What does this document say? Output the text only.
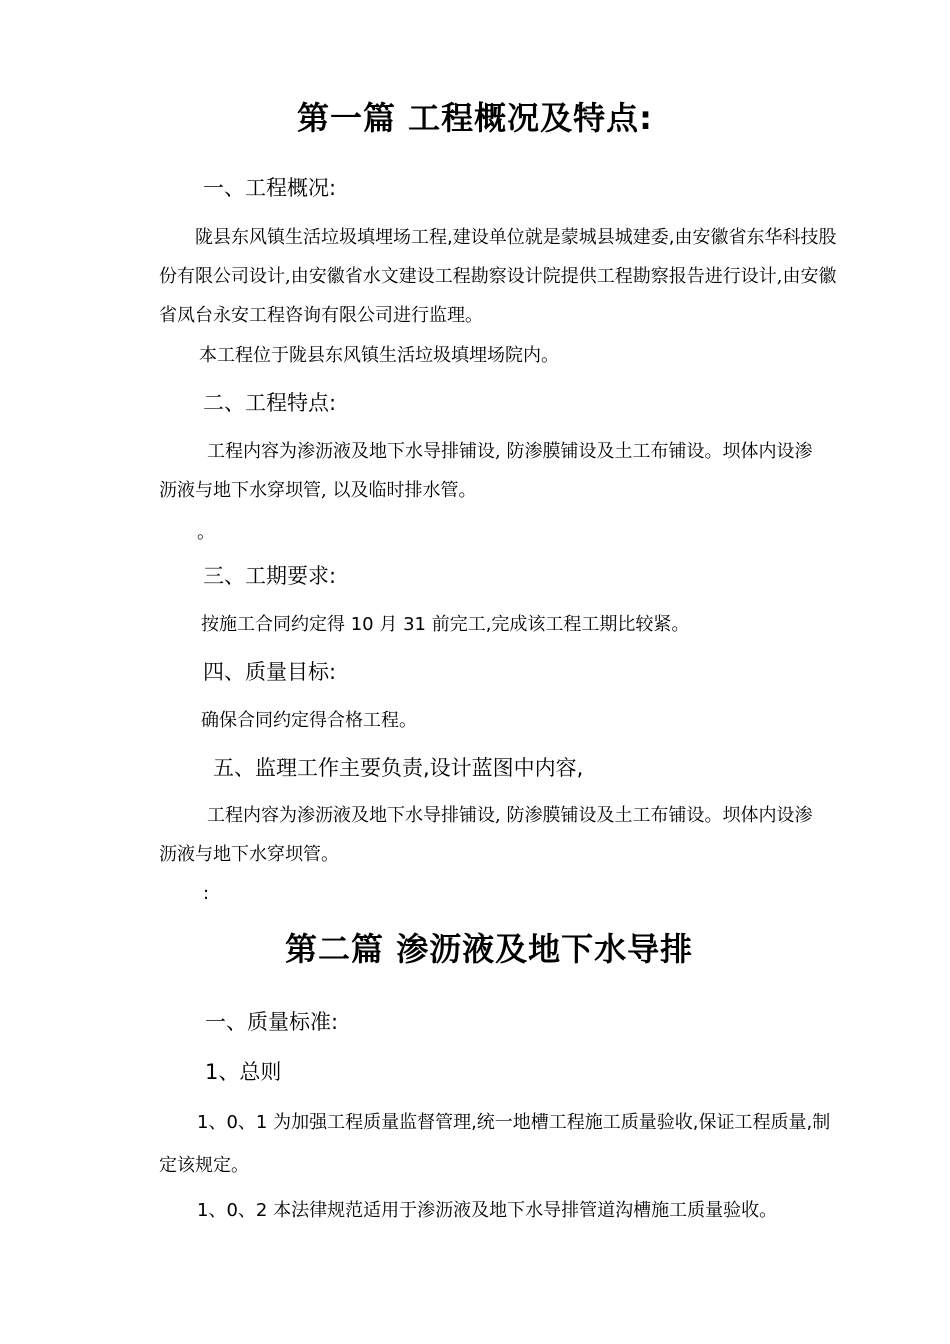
第一篇 工程概况及特点:
一、工程概况:
陇县东风镇生活垃圾填埋场工程,建设单位就是蒙城县城建委,由安徽省东华科技股
份有限公司设计,由安徽省水文建设工程勘察设计院提供工程勘察报告进行设计,由安徽
省凤台永安工程咨询有限公司进行监理。
本工程位于陇县东风镇生活垃圾填埋场院内。
二、工程特点:
工程内容为渗沥液及地下水导排铺设, 防渗膜铺设及土工布铺设。坝体内设渗
沥液与地下水穿坝管, 以及临时排水管。
。
三、工期要求:
按施工合同约定得 10 月 31 前完工,完成该工程工期比较紧。
四、质量目标:
确保合同约定得合格工程。
五、监理工作主要负责,设计蓝图中内容,
工程内容为渗沥液及地下水导排铺设, 防渗膜铺设及土工布铺设。坝体内设渗
沥液与地下水穿坝管。
:
第二篇 渗沥液及地下水导排
一、质量标准:
1、总则
1、0、1 为加强工程质量监督管理,统一地槽工程施工质量验收,保证工程质量,制
定该规定。
1、0、2 本法律规范适用于渗沥液及地下水导排管道沟槽施工质量验收。
